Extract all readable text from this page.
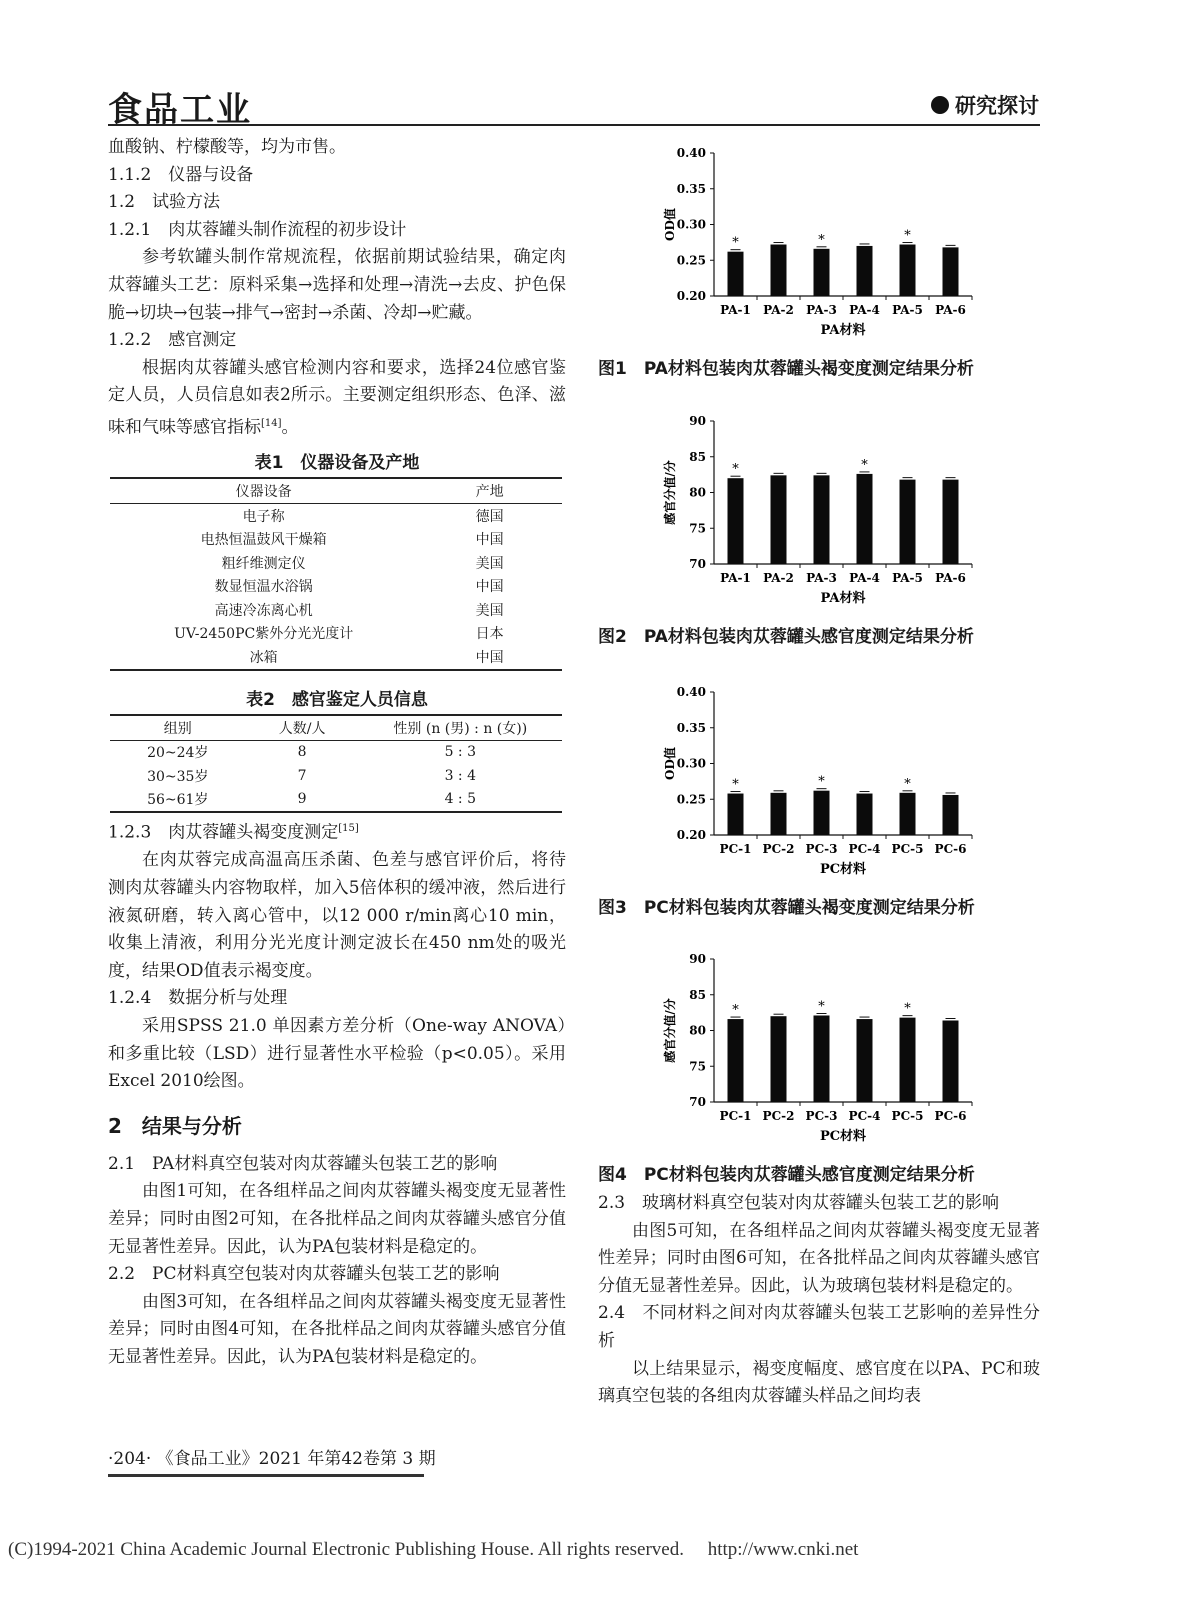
食品工业	研究探讨

血酸钠、柠檬酸等，均为市售。

1.1.2　仪器与设备

1.2　试验方法

1.2.1　肉苁蓉罐头制作流程的初步设计

参考软罐头制作常规流程，依据前期试验结果，确定肉苁蓉罐头工艺：原料采集→选择和处理→清洗→去皮、护色保脆→切块→包装→排气→密封→杀菌、冷却→贮藏。

1.2.2　感官测定

根据肉苁蓉罐头感官检测内容和要求，选择24位感官鉴定人员，人员信息如表2所示。主要测定组织形态、色泽、滋味和气味等感官指标[14]。

表1　仪器设备及产地
仪器设备	产地
电子称	德国
电热恒温鼓风干燥箱	中国
粗纤维测定仪	美国
数显恒温水浴锅	中国
高速冷冻离心机	美国
UV-2450PC紫外分光光度计	日本
冰箱	中国
表2　感官鉴定人员信息
组别	人数/人	性别 (n (男) : n (女))
20~24岁	8	5 : 3
30~35岁	7	3 : 4
56~61岁	9	4 : 5

1.2.3　肉苁蓉罐头褐变度测定[15]

在肉苁蓉完成高温高压杀菌、色差与感官评价后，将待测肉苁蓉罐头内容物取样，加入5倍体积的缓冲液，然后进行液氮研磨，转入离心管中，以12 000 r/min离心10 min，收集上清液，利用分光光度计测定波长在450 nm处的吸光度，结果OD值表示褐变度。

1.2.4　数据分析与处理

采用SPSS 21.0 单因素方差分析（One-way ANOVA）和多重比较（LSD）进行显著性水平检验（p<0.05）。采用Excel 2010绘图。

2　结果与分析

2.1　PA材料真空包装对肉苁蓉罐头包装工艺的影响

由图1可知，在各组样品之间肉苁蓉罐头褐变度无显著性差异；同时由图2可知，在各批样品之间肉苁蓉罐头感官分值无显著性差异。因此，认为PA包装材料是稳定的。

2.2　PC材料真空包装对肉苁蓉罐头包装工艺的影响

由图3可知，在各组样品之间肉苁蓉罐头褐变度无显著性差异；同时由图4可知，在各批样品之间肉苁蓉罐头感官分值无显著性差异。因此，认为PA包装材料是稳定的。

0.20
0.25
0.30
0.35
0.40
OD值
*
PA-1 PA-2
*
PA-3 PA-4
*
PA-5 PA-6
PA材料
图1　PA材料包装肉苁蓉罐头褐变度测定结果分析
70
75
80
85
90
感官分值/分	*
PA-1 PA-2 PA-3
*
PA-4 PA-5 PA-6
PA材料
图2　PA材料包装肉苁蓉罐头感官度测定结果分析
0.20
0.25
0.30
0.35
0.40
OD值
*
PC-1 PC-2
*
PC-3 PC-4
*
PC-5 PC-6
PC材料
图3　PC材料包装肉苁蓉罐头褐变度测定结果分析
70
75
80
85
90
感官分值/分	*
PC-1 PC-2
*
PC-3 PC-4
*
PC-5 PC-6
PC材料
图4　PC材料包装肉苁蓉罐头感官度测定结果分析

2.3　玻璃材料真空包装对肉苁蓉罐头包装工艺的影响

由图5可知，在各组样品之间肉苁蓉罐头褐变度无显著性差异；同时由图6可知，在各批样品之间肉苁蓉罐头感官分值无显著性差异。因此，认为玻璃包装材料是稳定的。

2.4　不同材料之间对肉苁蓉罐头包装工艺影响的差异性分析

以上结果显示，褐变度幅度、感官度在以PA、PC和玻璃真空包装的各组肉苁蓉罐头样品之间均表

·204· 《食品工业》2021 年第42卷第 3 期
(C)1994-2021 China Academic Journal Electronic Publishing House. All rights reserved.　 http://www.cnki.net
